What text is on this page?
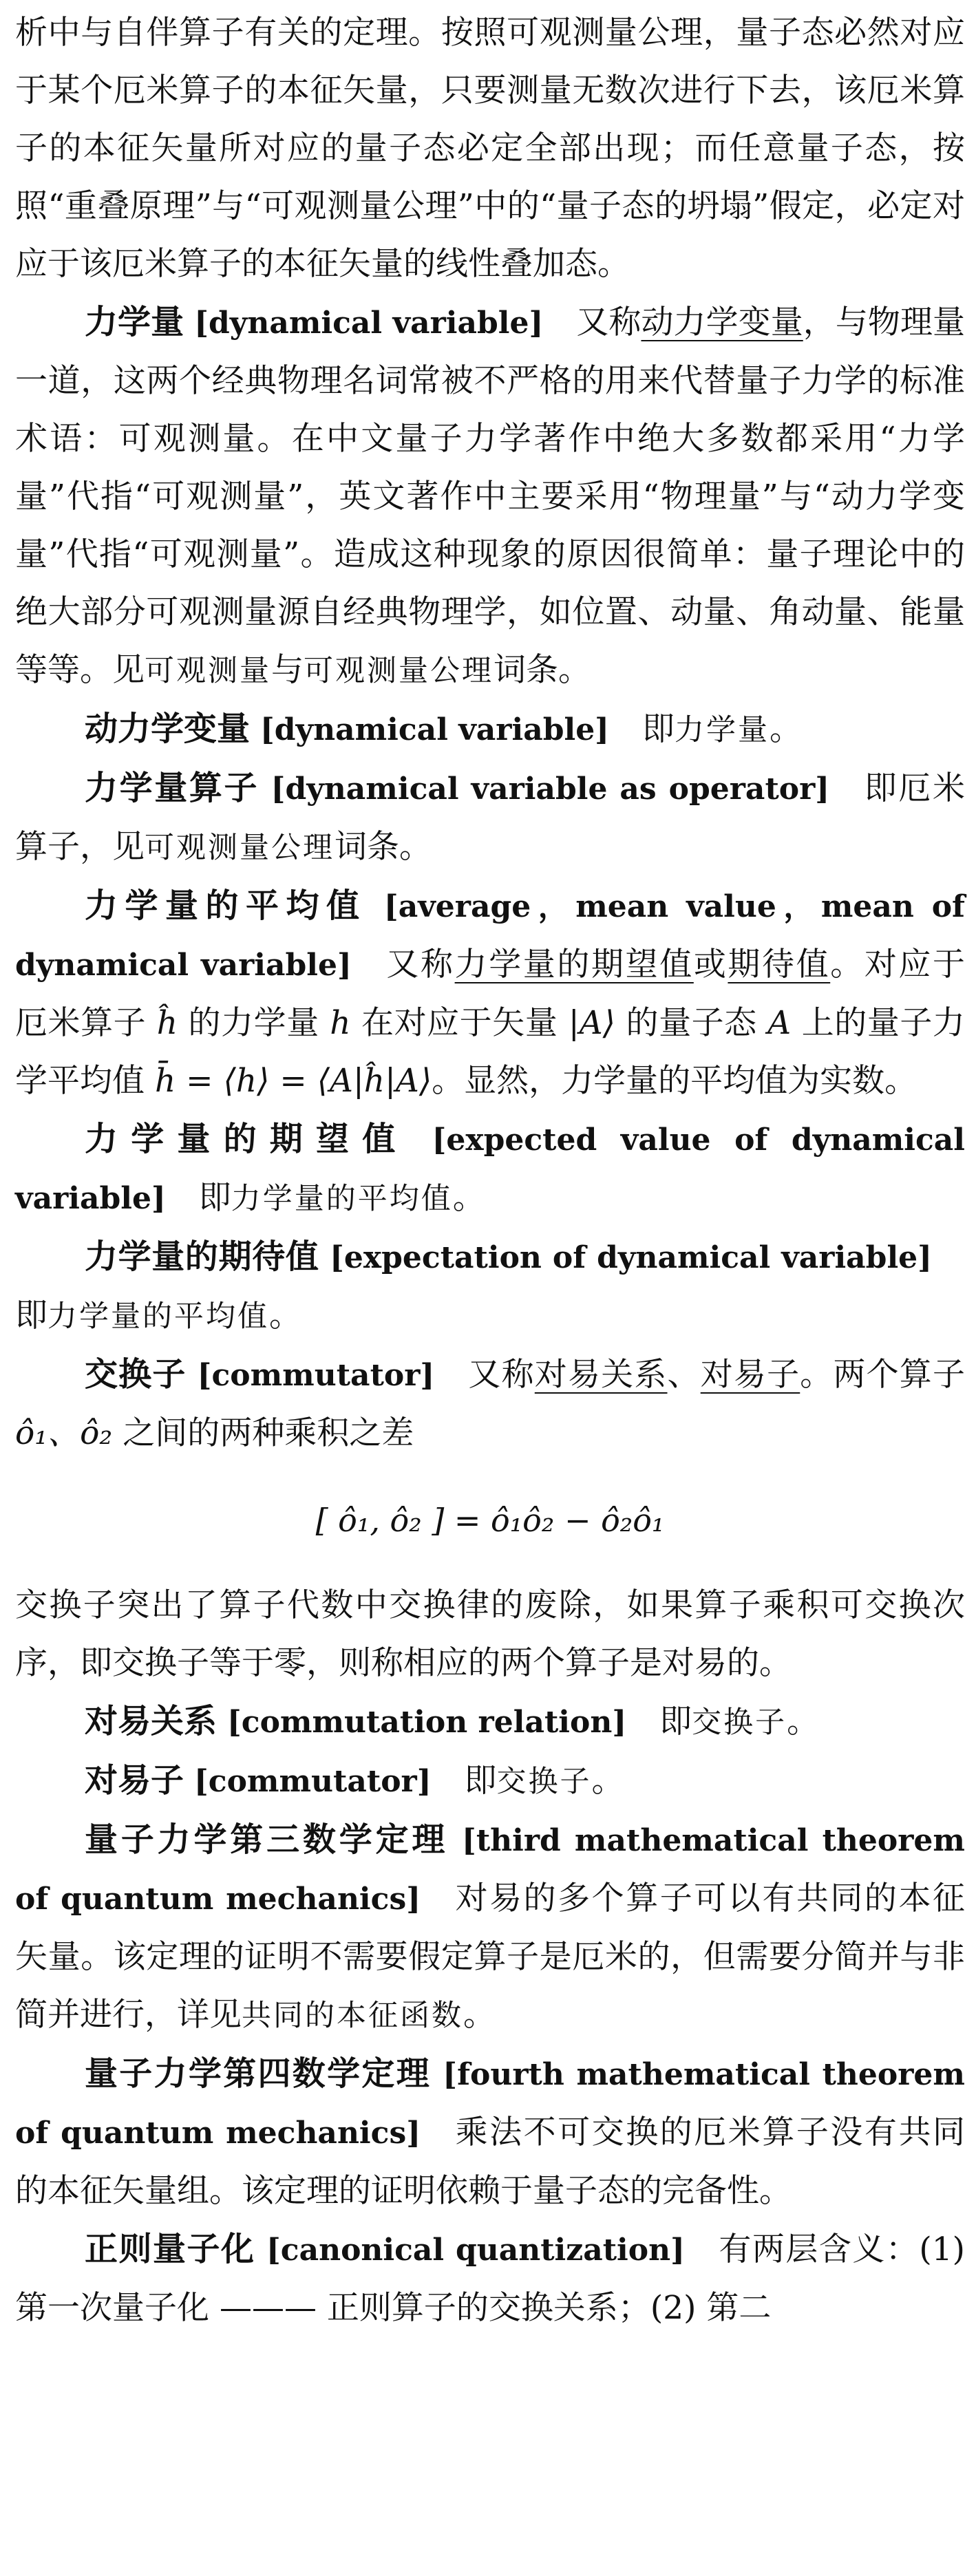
析中与自伴算子有关的定理。按照可观测量公理，量子态必然对应于某个厄米算子的本征矢量，只要测量无数次进行下去，该厄米算子的本征矢量所对应的量子态必定全部出现；而任意量子态，按照“重叠原理”与“可观测量公理”中的“量子态的坍塌”假定，必定对应于该厄米算子的本征矢量的线性叠加态。

力学量 [dynamical variable] 又称动力学变量，与物理量一道，这两个经典物理名词常被不严格的用来代替量子力学的标准术语：可观测量。在中文量子力学著作中绝大多数都采用“力学量”代指“可观测量”，英文著作中主要采用“物理量”与“动力学变量”代指“可观测量”。造成这种现象的原因很简单：量子理论中的绝大部分可观测量源自经典物理学，如位置、动量、角动量、能量等等。见可观测量与可观测量公理词条。

动力学变量 [dynamical variable] 即力学量。

力学量算子 [dynamical variable as operator] 即厄米算子，见可观测量公理词条。

力学量的平均值 [average，mean value，mean of dynamical variable] 又称力学量的期望值或期待值。对应于厄米算子 ĥ 的力学量 h 在对应于矢量 |A⟩ 的量子态 A 上的量子力学平均值 h̄ = ⟨h⟩ = ⟨A|ĥ|A⟩。显然，力学量的平均值为实数。

力学量的期望值 [expected value of dynamical variable] 即力学量的平均值。

力学量的期待值 [expectation of dynamical variable]即力学量的平均值。

交换子 [commutator] 又称对易关系、对易子。两个算子 ô₁、ô₂ 之间的两种乘积之差

[ ô₁, ô₂ ] = ô₁ô₂ − ô₂ô₁

交换子突出了算子代数中交换律的废除，如果算子乘积可交换次序，即交换子等于零，则称相应的两个算子是对易的。

对易关系 [commutation relation] 即交换子。

对易子 [commutator] 即交换子。

量子力学第三数学定理 [third mathematical theorem of quantum mechanics] 对易的多个算子可以有共同的本征矢量。该定理的证明不需要假定算子是厄米的，但需要分简并与非简并进行，详见共同的本征函数。

量子力学第四数学定理 [fourth mathematical theorem of quantum mechanics] 乘法不可交换的厄米算子没有共同的本征矢量组。该定理的证明依赖于量子态的完备性。

正则量子化 [canonical quantization] 有两层含义：(1) 第一次量子化 ——— 正则算子的交换关系；(2) 第二
